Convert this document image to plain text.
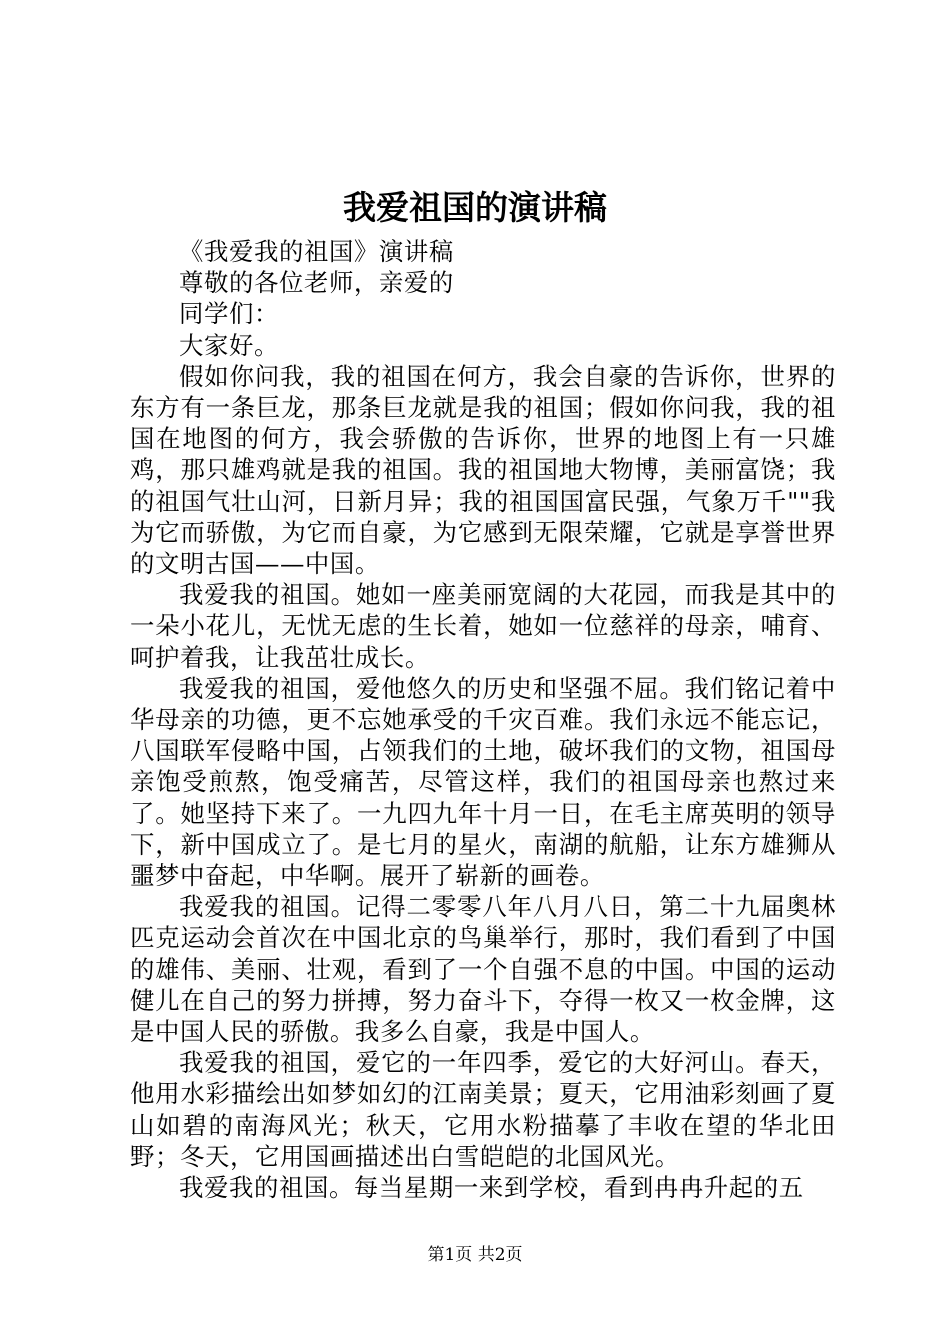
我爱祖国的演讲稿

《我爱我的祖国》演讲稿

尊敬的各位老师，亲爱的

同学们：

大家好。

假如你问我，我的祖国在何方，我会自豪的告诉你，世界的东方有一条巨龙，那条巨龙就是我的祖国；假如你问我，我的祖国在地图的何方，我会骄傲的告诉你，世界的地图上有一只雄鸡，那只雄鸡就是我的祖国。我的祖国地大物博，美丽富饶；我的祖国气壮山河，日新月异；我的祖国国富民强，气象万千""我为它而骄傲，为它而自豪，为它感到无限荣耀，它就是享誉世界的文明古国——中国。

我爱我的祖国。她如一座美丽宽阔的大花园，而我是其中的一朵小花儿，无忧无虑的生长着，她如一位慈祥的母亲，哺育、呵护着我，让我茁壮成长。

我爱我的祖国，爱他悠久的历史和坚强不屈。我们铭记着中华母亲的功德，更不忘她承受的千灾百难。我们永远不能忘记，八国联军侵略中国，占领我们的土地，破坏我们的文物，祖国母亲饱受煎熬，饱受痛苦，尽管这样，我们的祖国母亲也熬过来了。她坚持下来了。一九四九年十月一日，在毛主席英明的领导下，新中国成立了。是七月的星火，南湖的航船，让东方雄狮从噩梦中奋起，中华啊。展开了崭新的画卷。

我爱我的祖国。记得二零零八年八月八日，第二十九届奥林匹克运动会首次在中国北京的鸟巢举行，那时，我们看到了中国的雄伟、美丽、壮观，看到了一个自强不息的中国。中国的运动健儿在自己的努力拼搏，努力奋斗下，夺得一枚又一枚金牌，这是中国人民的骄傲。我多么自豪，我是中国人。

我爱我的祖国，爱它的一年四季，爱它的大好河山。春天，他用水彩描绘出如梦如幻的江南美景；夏天，它用油彩刻画了夏山如碧的南海风光；秋天，它用水粉描摹了丰收在望的华北田野；冬天，它用国画描述出白雪皑皑的北国风光。

我爱我的祖国。每当星期一来到学校，看到冉冉升起的五

第1页 共2页
